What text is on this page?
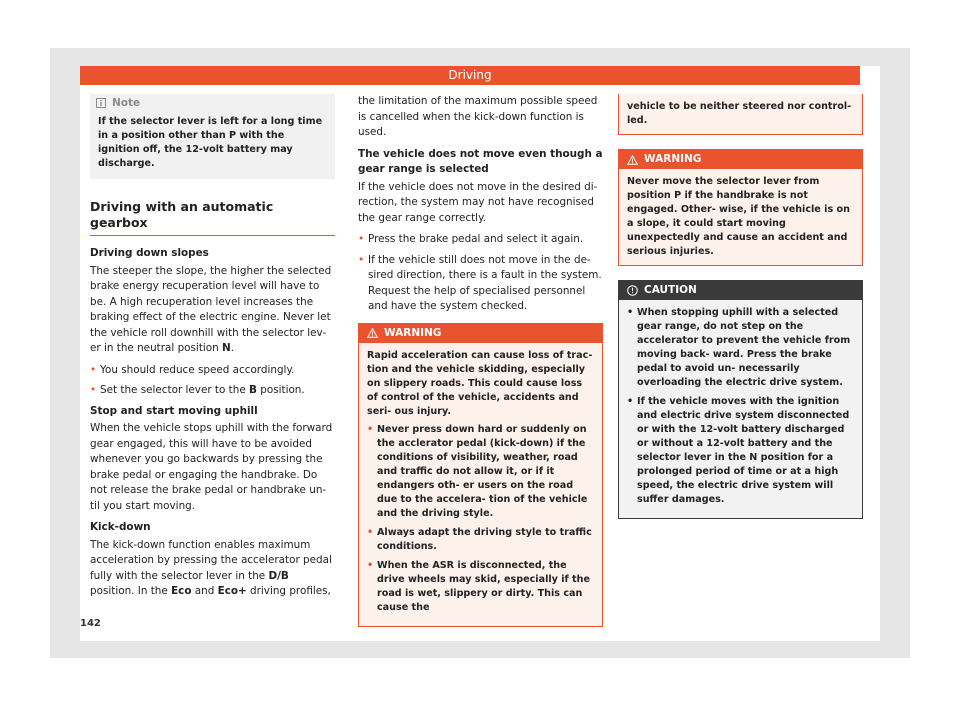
Driving
Note
If the selector lever is left for a long time in a position other than P with the ignition off, the 12-volt battery may discharge.
Driving with an automatic gearbox
Driving down slopes

The steeper the slope, the higher the selected brake energy recuperation level will have to be. A high recuperation level increases the braking effect of the electric engine. Never let the vehicle roll downhill with the selector lev- er in the neutral position N.

• You should reduce speed accordingly.
• Set the selector lever to the B position.
Stop and start moving uphill

When the vehicle stops uphill with the forward gear engaged, this will have to be avoided whenever you go backwards by pressing the brake pedal or engaging the handbrake. Do not release the brake pedal or handbrake un- til you start moving.

Kick-down

The kick-down function enables maximum acceleration by pressing the accelerator pedal fully with the selector lever in the D/B position. In the Eco and Eco+ driving profiles,

the limitation of the maximum possible speed is cancelled when the kick-down function is used.

The vehicle does not move even though a gear range is selected

If the vehicle does not move in the desired di- rection, the system may not have recognised the gear range correctly.

• Press the brake pedal and select it again.
• If the vehicle still does not move in the de- sired direction, there is a fault in the system. Request the help of specialised personnel and have the system checked.
WARNING

Rapid acceleration can cause loss of trac- tion and the vehicle skidding, especially on slippery roads. This could cause loss of control of the vehicle, accidents and seri- ous injury.

• Never press down hard or suddenly on the acclerator pedal (kick-down) if the conditions of visibility, weather, road and traffic do not allow it, or if it endangers oth- er users on the road due to the accelera- tion of the vehicle and the driving style.
• Always adapt the driving style to traffic conditions.
• When the ASR is disconnected, the drive wheels may skid, especially if the road is wet, slippery or dirty. This can cause the
vehicle to be neither steered nor control- led.
WARNING
Never move the selector lever from position P if the handbrake is not engaged. Other- wise, if the vehicle is on a slope, it could start moving unexpectedly and cause an accident and serious injuries.
CAUTION
• When stopping uphill with a selected gear range, do not step on the accelerator to prevent the vehicle from moving back- ward. Press the brake pedal to avoid un- necessarily overloading the electric drive system.
• If the vehicle moves with the ignition and electric drive system disconnected or with the 12-volt battery discharged or without a 12-volt battery and the selector lever in the N position for a prolonged period of time or at a high speed, the electric drive system will suffer damages.
142
